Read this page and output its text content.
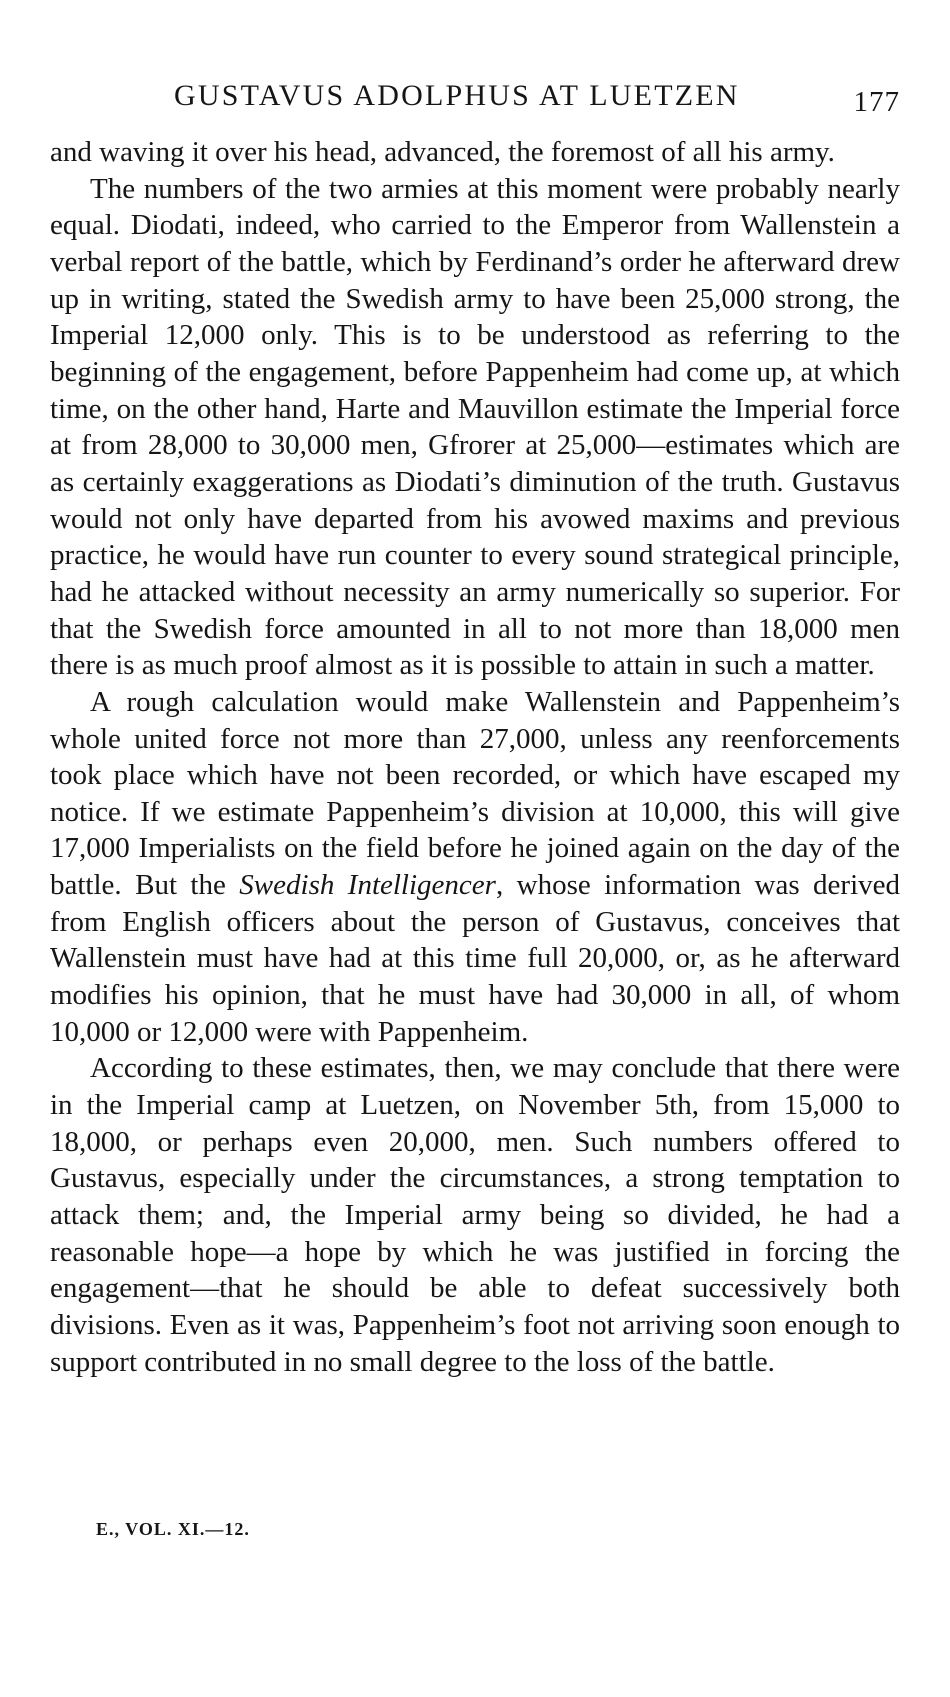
GUSTAVUS ADOLPHUS AT LUETZEN	177

and waving it over his head, advanced, the foremost of all his army.

The numbers of the two armies at this moment were probably nearly equal. Diodati, indeed, who carried to the Emperor from Wallenstein a verbal report of the battle, which by Ferdinand’s order he afterward drew up in writing, stated the Swedish army to have been 25,000 strong, the Imperial 12,000 only. This is to be understood as referring to the beginning of the engagement, before Pappenheim had come up, at which time, on the other hand, Harte and Mauvillon estimate the Imperial force at from 28,000 to 30,000 men, Gfrorer at 25,000—estimates which are as certainly exaggerations as Diodati’s diminution of the truth. Gustavus would not only have departed from his avowed maxims and previous practice, he would have run counter to every sound strategical principle, had he attacked without necessity an army numerically so superior. For that the Swedish force amounted in all to not more than 18,000 men there is as much proof almost as it is possible to attain in such a matter.

A rough calculation would make Wallenstein and Pappenheim’s whole united force not more than 27,000, unless any reenforcements took place which have not been recorded, or which have escaped my notice. If we estimate Pappenheim’s division at 10,000, this will give 17,000 Imperialists on the field before he joined again on the day of the battle. But the Swedish Intelligencer, whose information was derived from English officers about the person of Gustavus, conceives that Wallenstein must have had at this time full 20,000, or, as he afterward modifies his opinion, that he must have had 30,000 in all, of whom 10,000 or 12,000 were with Pappenheim.

According to these estimates, then, we may conclude that there were in the Imperial camp at Luetzen, on November 5th, from 15,000 to 18,000, or perhaps even 20,000, men. Such numbers offered to Gustavus, especially under the circumstances, a strong temptation to attack them; and, the Imperial army being so divided, he had a reasonable hope—a hope by which he was justified in forcing the engagement—that he should be able to defeat successively both divisions. Even as it was, Pappenheim’s foot not arriving soon enough to support contributed in no small degree to the loss of the battle.

E., VOL. XI.—12.
